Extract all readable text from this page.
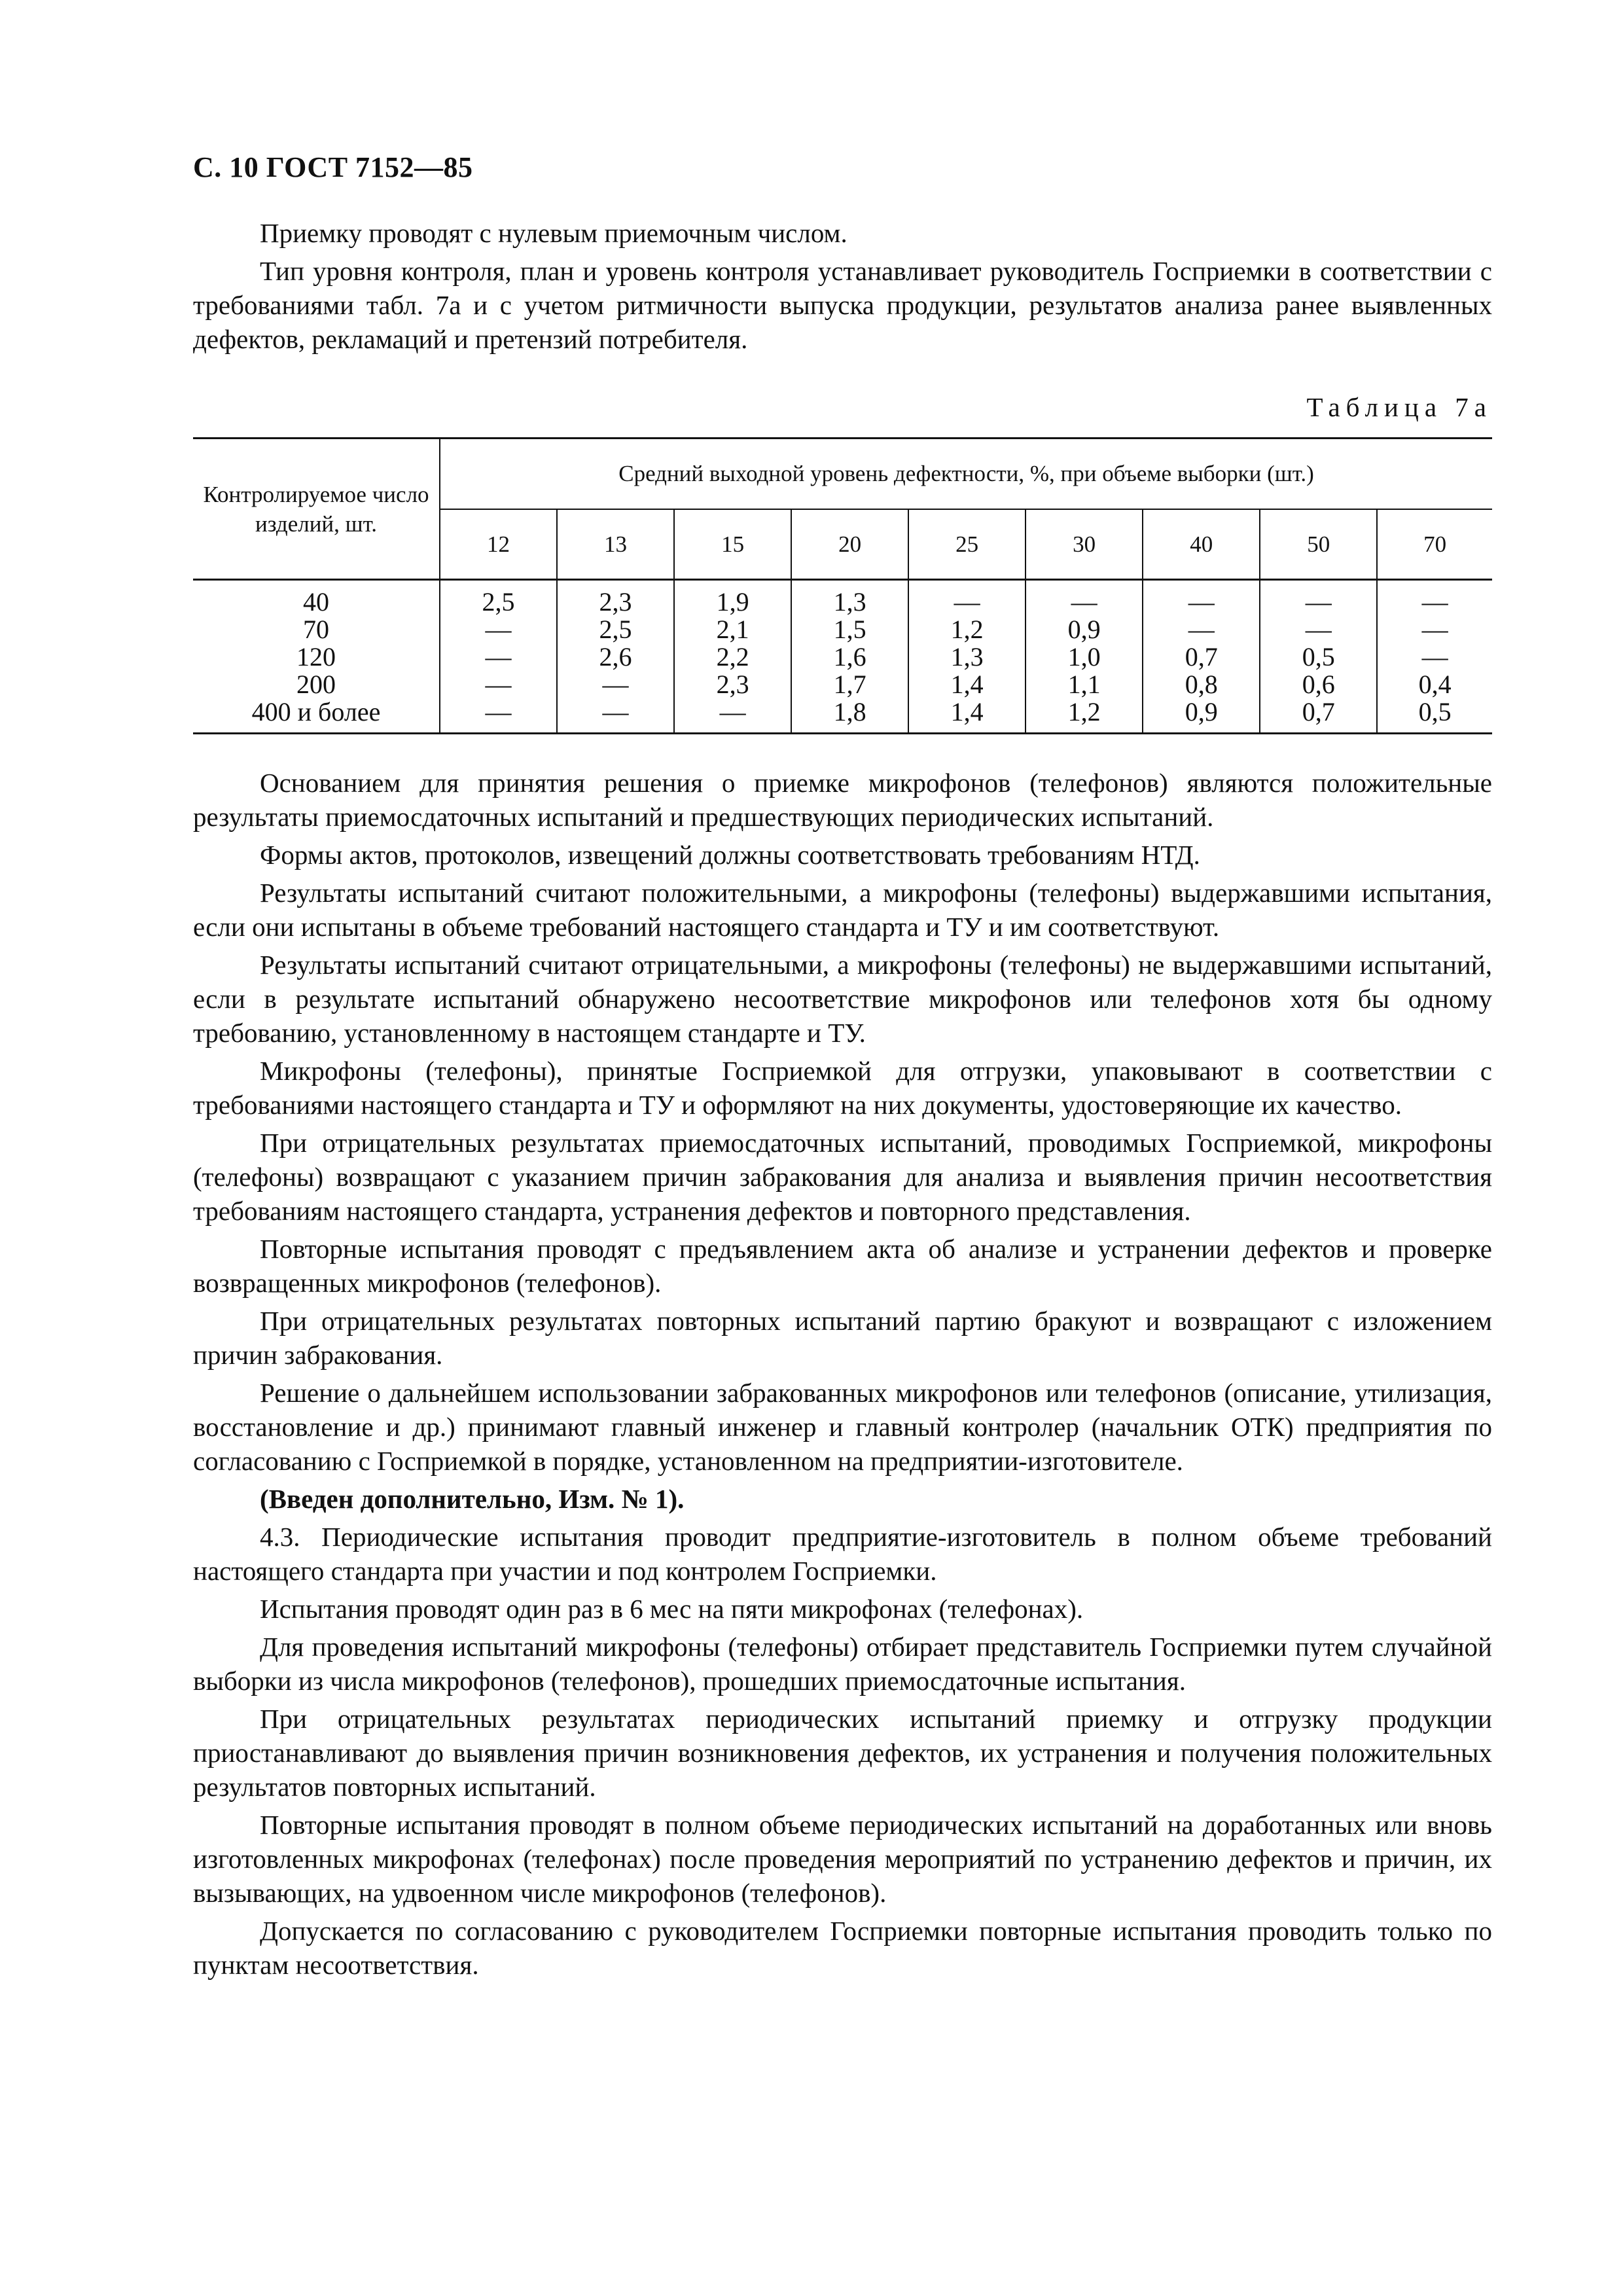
С. 10 ГОСТ 7152—85

Приемку проводят с нулевым приемочным числом.

Тип уровня контроля, план и уровень контроля устанавливает руководитель Госприемки в соответствии с требованиями табл. 7а и с учетом ритмичности выпуска продукции, результатов анализа ранее выявленных дефектов, рекламаций и претензий потребителя.

Таблица 7а
Контролируемое число изделий, шт.	Средний выходной уровень дефектности, %, при объеме выборки (шт.)								
	12	13	15	20	25	30	40	50	70
40	2,5	2,3	1,9	1,3	—	—	—	—	—
70	—	2,5	2,1	1,5	1,2	0,9	—	—	—
120	—	2,6	2,2	1,6	1,3	1,0	0,7	0,5	—
200	—	—	2,3	1,7	1,4	1,1	0,8	0,6	0,4
400 и более	—	—	—	1,8	1,4	1,2	0,9	0,7	0,5

Основанием для принятия решения о приемке микрофонов (телефонов) являются положительные результаты приемосдаточных испытаний и предшествующих периодических испытаний.

Формы актов, протоколов, извещений должны соответствовать требованиям НТД.

Результаты испытаний считают положительными, а микрофоны (телефоны) выдержавшими испытания, если они испытаны в объеме требований настоящего стандарта и ТУ и им соответствуют.

Результаты испытаний считают отрицательными, а микрофоны (телефоны) не выдержавшими испытаний, если в результате испытаний обнаружено несоответствие микрофонов или телефонов хотя бы одному требованию, установленному в настоящем стандарте и ТУ.

Микрофоны (телефоны), принятые Госприемкой для отгрузки, упаковывают в соответствии с требованиями настоящего стандарта и ТУ и оформляют на них документы, удостоверяющие их качество.

При отрицательных результатах приемосдаточных испытаний, проводимых Госприемкой, микрофоны (телефоны) возвращают с указанием причин забракования для анализа и выявления причин несоответствия требованиям настоящего стандарта, устранения дефектов и повторного представления.

Повторные испытания проводят с предъявлением акта об анализе и устранении дефектов и проверке возвращенных микрофонов (телефонов).

При отрицательных результатах повторных испытаний партию бракуют и возвращают с изложением причин забракования.

Решение о дальнейшем использовании забракованных микрофонов или телефонов (описание, утилизация, восстановление и др.) принимают главный инженер и главный контролер (начальник ОТК) предприятия по согласованию с Госприемкой в порядке, установленном на предприятии-изготовителе.

(Введен дополнительно, Изм. № 1).

4.3. Периодические испытания проводит предприятие-изготовитель в полном объеме требований настоящего стандарта при участии и под контролем Госприемки.

Испытания проводят один раз в 6 мес на пяти микрофонах (телефонах).

Для проведения испытаний микрофоны (телефоны) отбирает представитель Госприемки путем случайной выборки из числа микрофонов (телефонов), прошедших приемосдаточные испытания.

При отрицательных результатах периодических испытаний приемку и отгрузку продукции приостанавливают до выявления причин возникновения дефектов, их устранения и получения положительных результатов повторных испытаний.

Повторные испытания проводят в полном объеме периодических испытаний на доработанных или вновь изготовленных микрофонах (телефонах) после проведения мероприятий по устранению дефектов и причин, их вызывающих, на удвоенном числе микрофонов (телефонов).

Допускается по согласованию с руководителем Госприемки повторные испытания проводить только по пунктам несоответствия.
